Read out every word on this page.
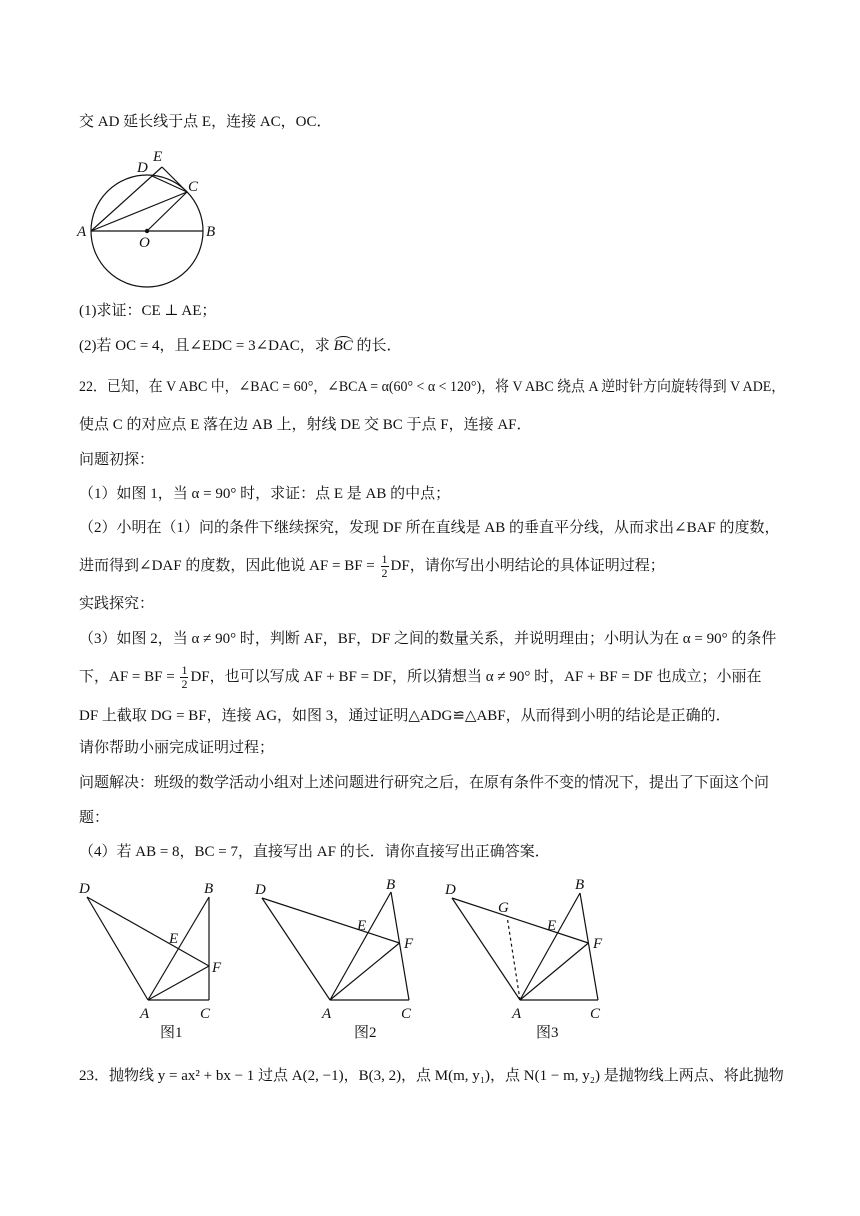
交 AD 延长线于点 E，连接 AC，OC．
(1)求证：CE ⊥ AE；
(2)若 OC = 4，且∠EDC = 3∠DAC，求 BC 的长．
22．已知，在 V ABC 中，∠BAC = 60°，∠BCA = α(60° < α < 120°)，将 V ABC 绕点 A 逆时针方向旋转得到 V ADE，
使点 C 的对应点 E 落在边 AB 上，射线 DE 交 BC 于点 F，连接 AF．
问题初探：
（1）如图 1，当 α = 90° 时，求证：点 E 是 AB 的中点；
（2）小明在（1）问的条件下继续探究，发现 DF 所在直线是 AB 的垂直平分线，从而求出∠BAF 的度数，
进而得到∠DAF 的度数，因此他说 AF = BF = $\frac{1}{2}$ DF，请你写出小明结论的具体证明过程；
实践探究：
（3）如图 2，当 α ≠ 90° 时，判断 AF，BF，DF 之间的数量关系，并说明理由；小明认为在 α = 90° 的条件
下，AF = BF = $\frac{1}{2}$ DF，也可以写成 AF + BF = DF，所以猜想当 α ≠ 90° 时，AF + BF = DF 也成立；小丽在
DF 上截取 DG = BF，连接 AG，如图 3，通过证明△ADG≌△ABF，从而得到小明的结论是正确的．
请你帮助小丽完成证明过程；
问题解决：班级的数学活动小组对上述问题进行研究之后，在原有条件不变的情况下，提出了下面这个问
题：
（4）若 AB = 8，BC = 7，直接写出 AF 的长．请你直接写出正确答案．
23．抛物线 y = ax² + bx − 1 过点 A(2, −1)，B(3, 2)，点 M(m, y₁)，点 N(1 − m, y₂) 是抛物线上两点、将此抛物
D
E
C
A
O
B
D	B
E
F
A	C
图1
D	B
E
F
A	C
图2
D
G
B
E
F
A	C
图3
